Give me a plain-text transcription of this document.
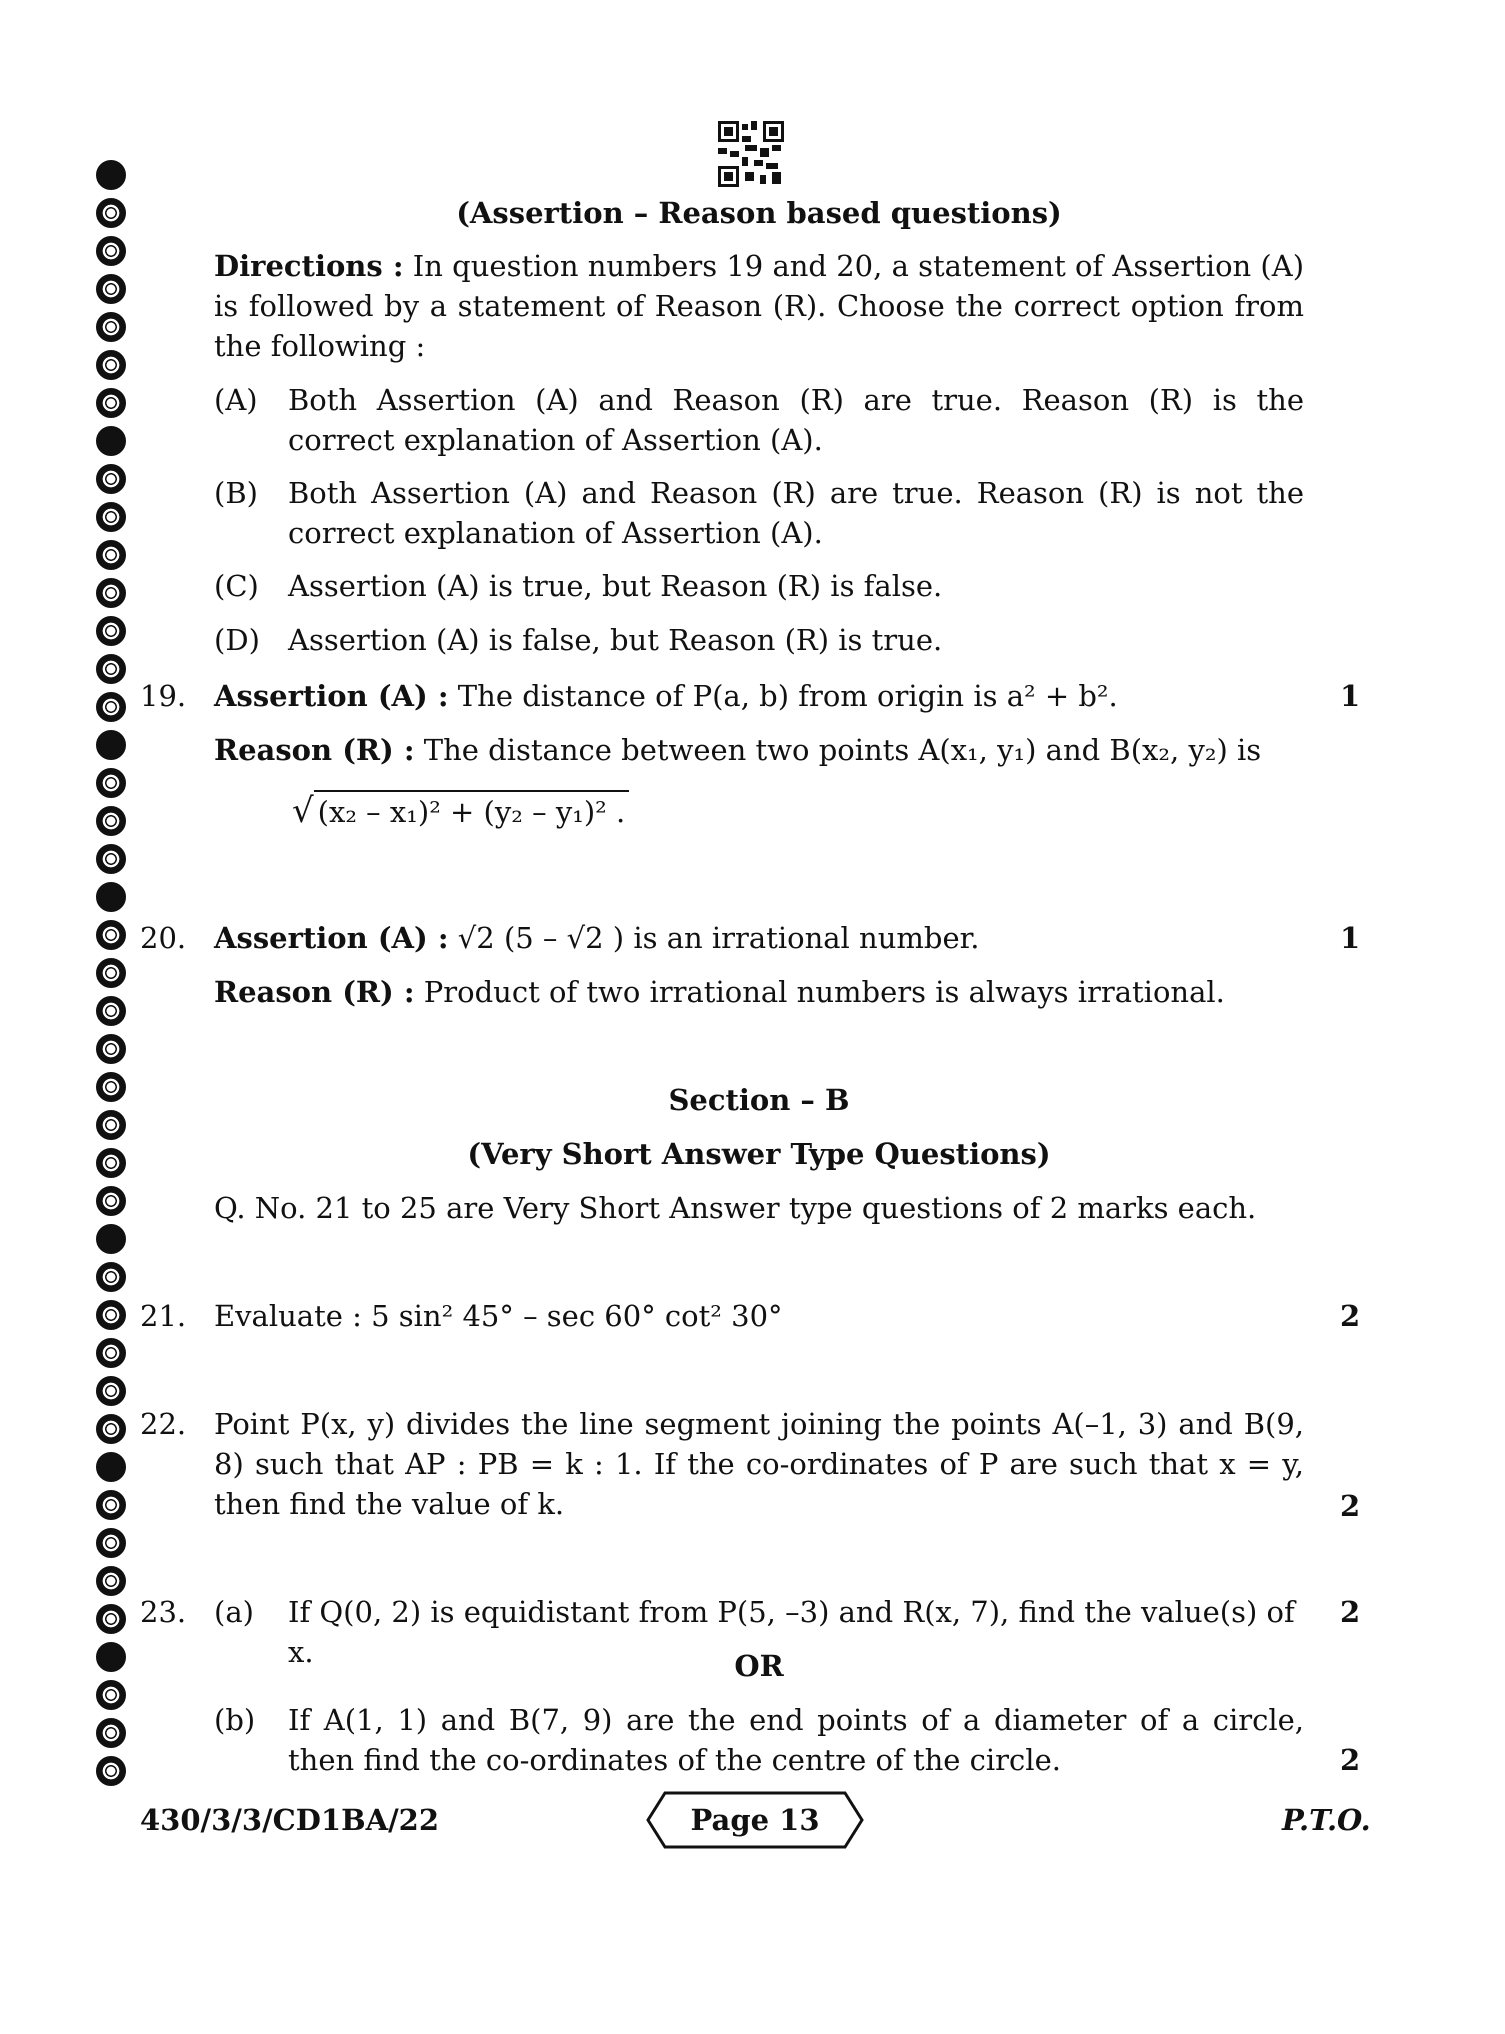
(Assertion – Reason based questions)
Directions : In question numbers 19 and 20, a statement of Assertion (A) is followed by a statement of Reason (R). Choose the correct option from the following :
(A) Both Assertion (A) and Reason (R) are true. Reason (R) is the correct explanation of Assertion (A).
(B) Both Assertion (A) and Reason (R) are true. Reason (R) is not the correct explanation of Assertion (A).
(C) Assertion (A) is true, but Reason (R) is false.
(D) Assertion (A) is false, but Reason (R) is true.
19. Assertion (A) : The distance of P(a, b) from origin is a² + b².	1
Reason (R) : The distance between two points A(x₁, y₁) and B(x₂, y₂) is
√ (x₂ – x₁)² + (y₂ – y₁)² .
20. Assertion (A) : √2 (5 – √2 ) is an irrational number.	1
Reason (R) : Product of two irrational numbers is always irrational.
Section – B
(Very Short Answer Type Questions)
Q. No. 21 to 25 are Very Short Answer type questions of 2 marks each.
21. Evaluate : 5 sin² 45° – sec 60° cot² 30°	2
22. Point P(x, y) divides the line segment joining the points A(–1, 3) and B(9, 8) such that AP : PB = k : 1. If the co-ordinates of P are such that x = y, then find the value of k.	2
23. (a) If Q(0, 2) is equidistant from P(5, –3) and R(x, 7), find the value(s) of x.
2
OR
(b) If A(1, 1) and B(7, 9) are the end points of a diameter of a circle, then find the co-ordinates of the centre of the circle.	2
430/3/3/CD1BA/22	Page 13	P.T.O.
